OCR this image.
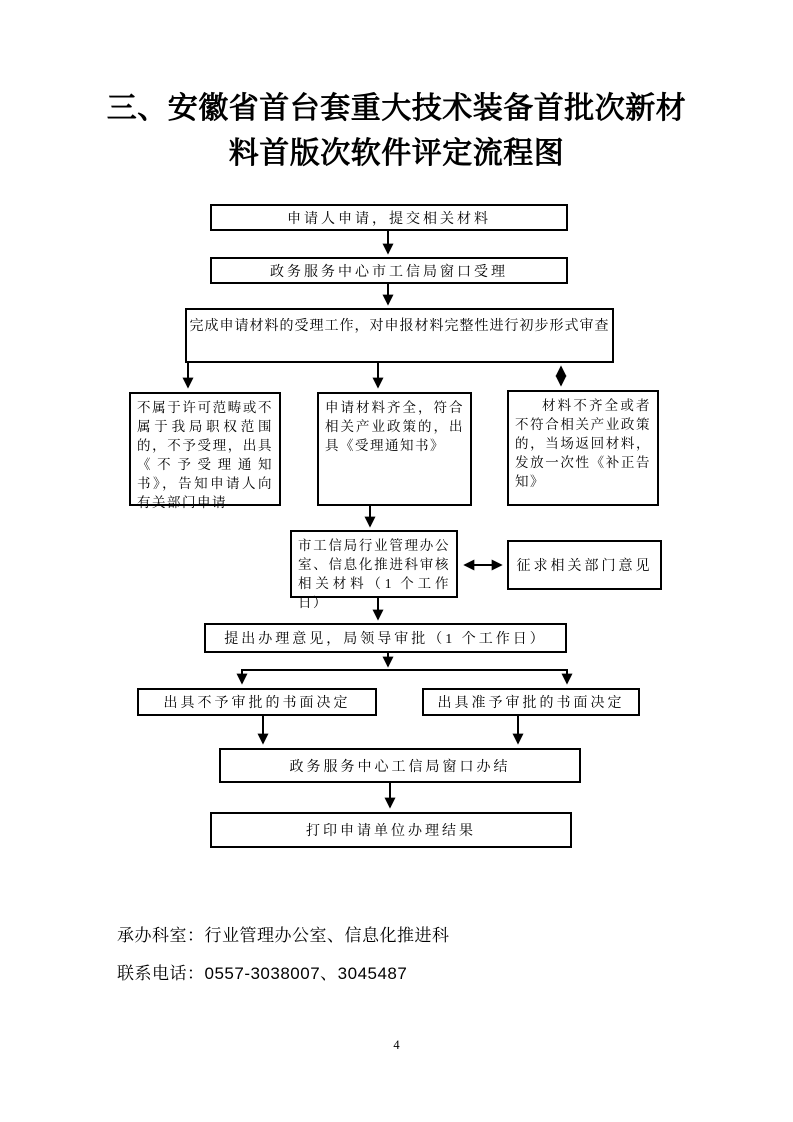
三、安徽省首台套重大技术装备首批次新材
料首版次软件评定流程图
申请人申请，提交相关材料
政务服务中心市工信局窗口受理
完成申请材料的受理工作，对申报材料完整性进行初步形式审查
不属于许可范畴或不属于我局职权范围的，不予受理，出具《不予受理通知书》，告知申请人向有关部门申请
申请材料齐全，符合相关产业政策的，出具《受理通知书》
材料不齐全或者不符合相关产业政策的，当场返回材料，发放一次性《补正告知》
市工信局行业管理办公室、信息化推进科审核相关材料（1 个工作日）
征求相关部门意见
提出办理意见，局领导审批（1 个工作日）
出具不予审批的书面决定	出具准予审批的书面决定
政务服务中心工信局窗口办结
打印申请单位办理结果

承办科室：行业管理办公室、信息化推进科

联系电话：0557-3038007、3045487

4
